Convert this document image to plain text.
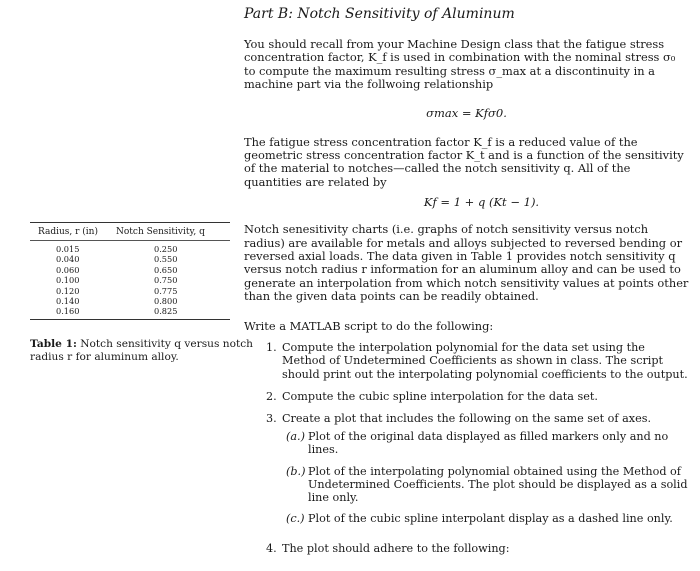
Radius, r (in)	Notch Sensitivity, q
0.015	0.250
0.040	0.550
0.060	0.650
0.100	0.750
0.120	0.775
0.140	0.800
0.160	0.825
Table 1: Notch sensitivity q versus notch radius r for aluminum alloy.
Part B: Notch Sensitivity of Aluminum

You should recall from your Machine Design class that the fatigue stress concentration factor, K_f is used in combination with the nominal stress σ₀ to compute the maximum resulting stress σ_max at a discontinuity in a machine part via the follwoing relationship

σmax = Kfσ0.

The fatigue stress concentration factor K_f is a reduced value of the geometric stress concentration factor K_t and is a function of the sensitivity of the material to notches—called the notch sensitivity q. All of the quantities are related by

Kf = 1 + q (Kt − 1).

Notch senesitivity charts (i.e. graphs of notch sensitivity versus notch radius) are available for metals and alloys subjected to reversed bending or reversed axial loads. The data given in Table 1 provides notch sensitivity q versus notch radius r information for an aluminum alloy and can be used to generate an interpolation from which notch sensitivity values at points other than the given data points can be readily obtained.

Write a MATLAB script to do the following:

1. Compute the interpolation polynomial for the data set using the Method of Undetermined Coefficients as shown in class. The script should print out the interpolating polynomial coefficients to the output.
2. Compute the cubic spline interpolation for the data set.
3. Create a plot that includes the following on the same set of axes.
(a.) Plot of the original data displayed as filled markers only and no lines.
(b.) Plot of the interpolating polynomial obtained using the Method of Undetermined Coefficients. The plot should be displayed as a solid line only.
(c.) Plot of the cubic spline interpolant display as a dashed line only.
4. The plot should adhere to the following:
